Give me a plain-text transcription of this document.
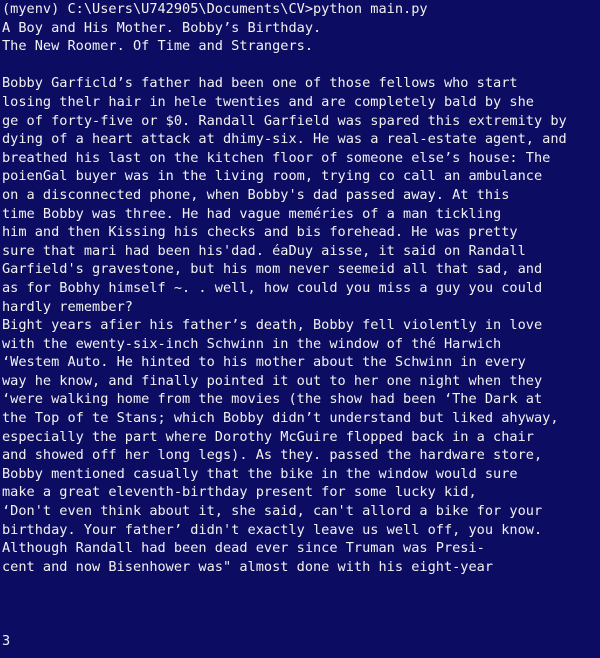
(myenv) C:\Users\U742905\Documents\CV>python main.py
A Boy and His Mother. Bobby’s Birthday.
The New Roomer. Of Time and Strangers.
Bobby Garficld’s father had been one of those fellows who start
losing thelr hair in hele twenties and are completely bald by she
ge of forty-five or $0. Randall Garfield was spared this extremity by
dying of a heart attack at dhimy-six. He was a real-estate agent, and
breathed his last on the kitchen floor of someone else’s house: The
poienGal buyer was in the living room, trying co call an ambulance
on a disconnected phone, when Bobby's dad passed away. At this
time Bobby was three. He had vague meméries of a man tickling
him and then Kissing his checks and bis forehead. He was pretty
sure that mari had been his'dad. éaDuy aisse, it said on Randall
Garfield's gravestone, but his mom never seemeid all that sad, and
as for Bobhy himself ~. . well, how could you miss a guy you could
hardly remember?
Bight years afier his father’s death, Bobby fell violently in love
with the ewenty-six-inch Schwinn in the window of thé Harwich
‘Westem Auto. He hinted to his mother about the Schwinn in every
way he know, and finally pointed it out to her one night when they
‘were walking home from the movies (the show had been ‘The Dark at
the Top of te Stans; which Bobby didn’t understand but liked ahyway,
especially the part where Dorothy McGuire flopped back in a chair
and showed off her long legs). As they. passed the hardware store,
Bobby mentioned casually that the bike in the window would sure
make a great eleventh-birthday present for some lucky kid,
‘Don't even think about it, she said, can't allord a bike for your
birthday. Your father’ didn't exactly leave us well off, you know.
Although Randall had been dead ever since Truman was Presi-
cent and now Bisenhower was" almost done with his eight-year
3
